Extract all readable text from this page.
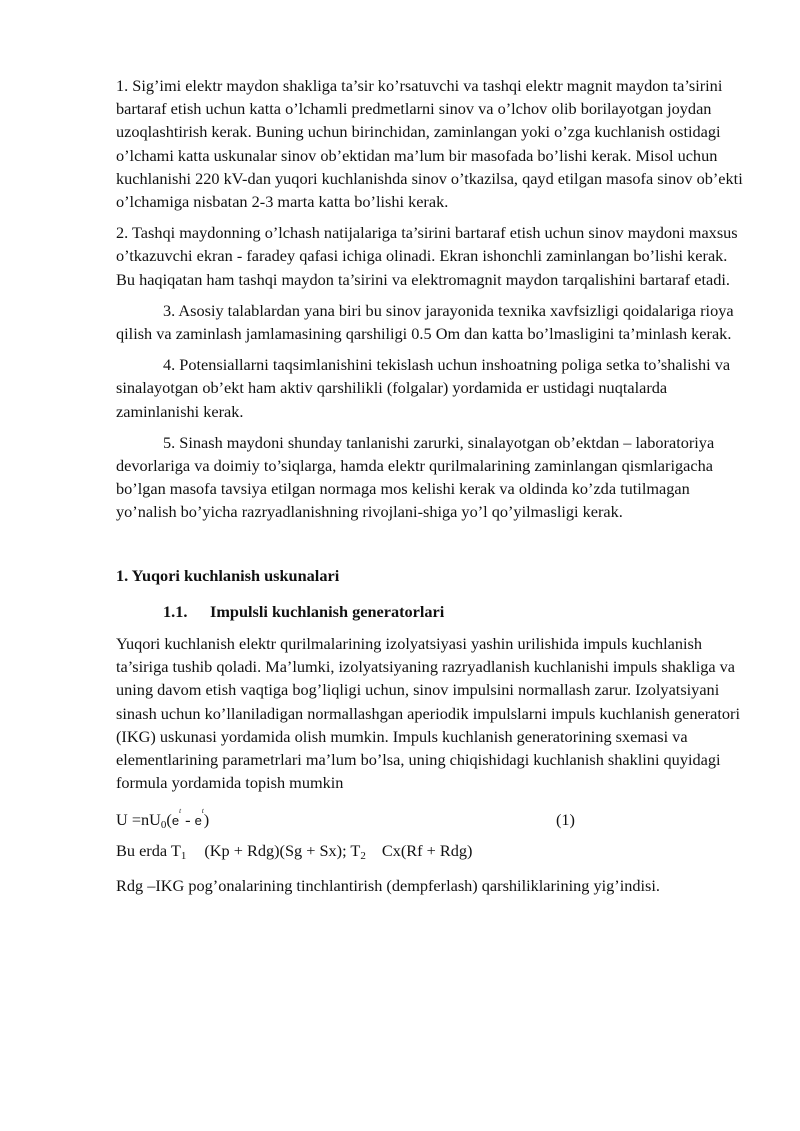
1. Sig’imi elektr maydon shakliga ta’sir ko’rsatuvchi va tashqi elektr magnit maydon ta’sirini bartaraf etish uchun katta o’lchamli predmetlarni sinov va o’lchov olib borilayotgan joydan uzoqlashtirish kerak. Buning uchun birinchidan, zaminlangan yoki o’zga kuchlanish ostidagi o’lchami katta uskunalar sinov ob’ektidan ma’lum bir masofada bo’lishi kerak. Misol uchun kuchlanishi 220 kV-dan yuqori kuchlanishda sinov o’tkazilsa, qayd etilgan masofa sinov ob’ekti o’lchamiga nisbatan 2-3 marta katta bo’lishi kerak.

2. Tashqi maydonning o’lchash natijalariga ta’sirini bartaraf etish uchun sinov maydoni maxsus o’tkazuvchi ekran - faradey qafasi ichiga olinadi. Ekran ishonchli zaminlangan bo’lishi kerak. Bu haqiqatan ham tashqi maydon ta’sirini va elektromagnit maydon tarqalishini bartaraf etadi.

3. Asosiy talablardan yana biri bu sinov jarayonida texnika xavfsizligi qoidalariga rioya qilish va zaminlash jamlamasining qarshiligi 0.5 Om dan katta bo’lmasligini ta’minlash kerak.

4. Potensiallarni taqsimlanishini tekislash uchun inshoatning poliga setka to’shalishi va sinalayotgan ob’ekt ham aktiv qarshilikli (folgalar) yordamida er ustidagi nuqtalarda zaminlanishi kerak.

5. Sinash maydoni shunday tanlanishi zarurki, sinalayotgan ob’ektdan – laboratoriya devorlariga va doimiy to’siqlarga, hamda elektr qurilmalarining zaminlangan qismlarigacha bo’lgan masofa tavsiya etilgan normaga mos kelishi kerak va oldinda ko’zda tutilmagan yo’nalish bo’yicha razryadlanishning rivojlani-shiga yo’l qo’yilmasligi kerak.

1. Yuqori kuchlanish uskunalari

1.1. Impulsli kuchlanish generatorlari

Yuqori kuchlanish elektr qurilmalarining izolyatsiyasi yashin urilishida impuls kuchlanish ta’siriga tushib qoladi. Ma’lumki, izolyatsiyaning razryadlanish kuchlanishi impuls shakliga va uning davom etish vaqtiga bog’liqligi uchun, sinov impulsini normallash zarur. Izolyatsiyani sinash uchun ko’llaniladigan normallashgan aperiodik impulslarni impuls kuchlanish generatori (IKG) uskunasi yordamida olish mumkin. Impuls kuchlanish generatorining sxemasi va elementlarining parametrlari ma’lum bo’lsa, uning chiqishidagi kuchlanish shaklini quyidagi formula yordamida topish mumkin

$U =nU0(e^t - e^t)$	(1)

Bu erda T1 (Kp + Rdg)(Sg + Sx); T2 Cx(Rf + Rdg)

Rdg –IKG pog’onalarining tinchlantirish (dempferlash) qarshiliklarining yig’indisi.
